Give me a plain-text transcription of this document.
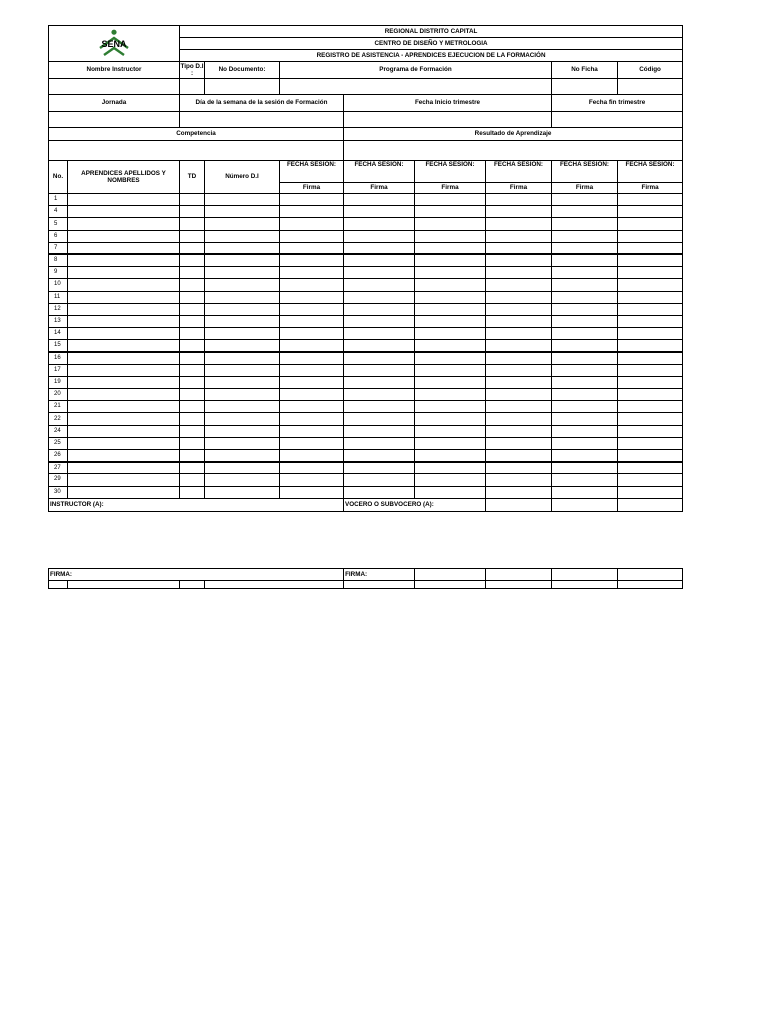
SENA		REGIONAL DISTRITO CAPITAL							
		CENTRO DE DISEÑO Y METROLOGIA							
		REGISTRO DE ASISTENCIA - APRENDICES EJECUCION DE LA FORMACIÓN							
Nombre Instructor		Tipo D.I :	No Documento:	Programa de Formación				No Ficha	Código

Jornada		Día de la semana de la sesión de Formación			Fecha Inicio trimestre			Fecha fin trimestre	

Competencia					Resultado de Aprendizaje				

No.	APRENDICES APELLIDOS Y NOMBRES	TD	Número D.I	FECHA SESION:	FECHA SESION:	FECHA SESION:	FECHA SESION:	FECHA SESION:	FECHA SESION:
				Firma	Firma	Firma	Firma	Firma	Firma
1									
4									
5									
6									
7									
8									
9									
10									
11									
12									
13									
14									
15									
16									
17									
19									
20									
21									
22									
24									
25									
26									
27									
29									
30									
INSTRUCTOR (A):					VOCERO O SUBVOCERO (A):				
FIRMA:				FIRMA:				
